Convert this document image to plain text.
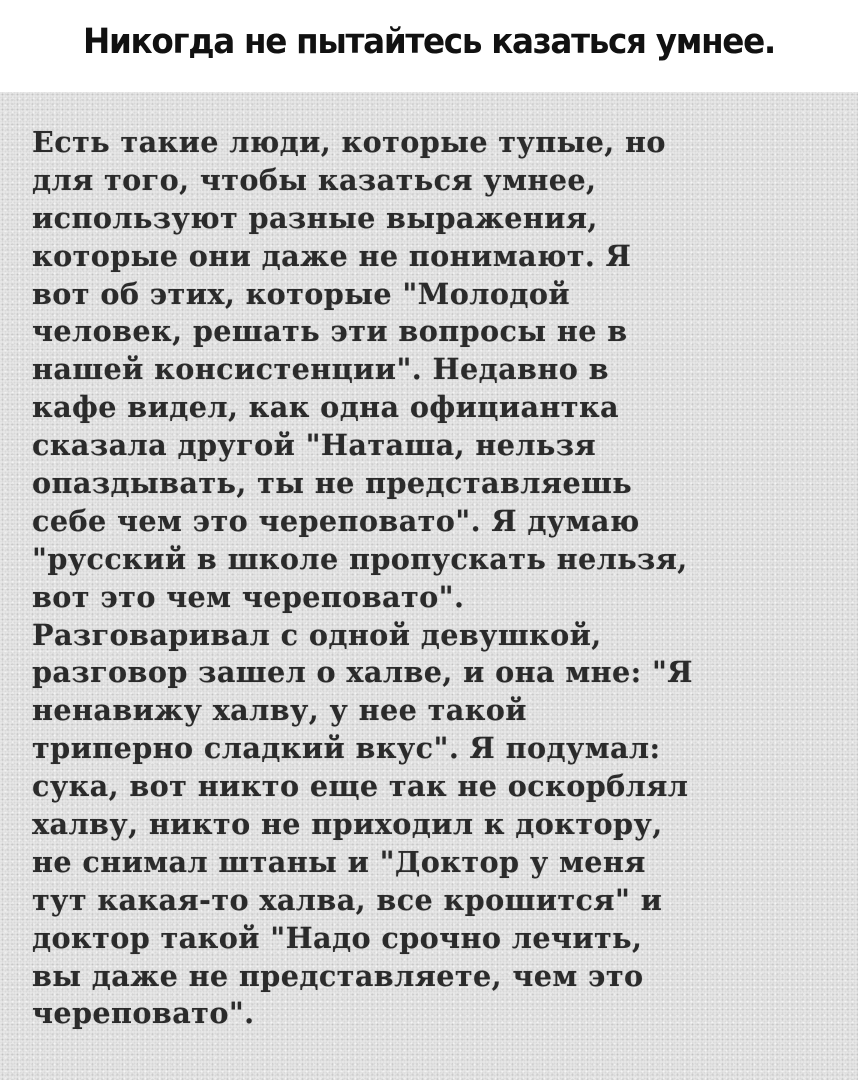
Никогда не пытайтесь казаться умнее.
Есть такие люди, которые тупые, но
для того, чтобы казаться умнее,
используют разные выражения,
которые они даже не понимают. Я
вот об этих, которые "Молодой
человек, решать эти вопросы не в
нашей консистенции". Недавно в
кафе видел, как одна официантка
сказала другой "Наташа, нельзя
опаздывать, ты не представляешь
себе чем это череповато". Я думаю
"русский в школе пропускать нельзя,
вот это чем череповато".
Разговаривал с одной девушкой,
разговор зашел о халве, и она мне: "Я
ненавижу халву, у нее такой
триперно сладкий вкус". Я подумал:
сука, вот никто еще так не оскорблял
халву, никто не приходил к доктору,
не снимал штаны и "Доктор у меня
тут какая-то халва, все крошится" и
доктор такой "Надо срочно лечить,
вы даже не представляете, чем это
череповато".
